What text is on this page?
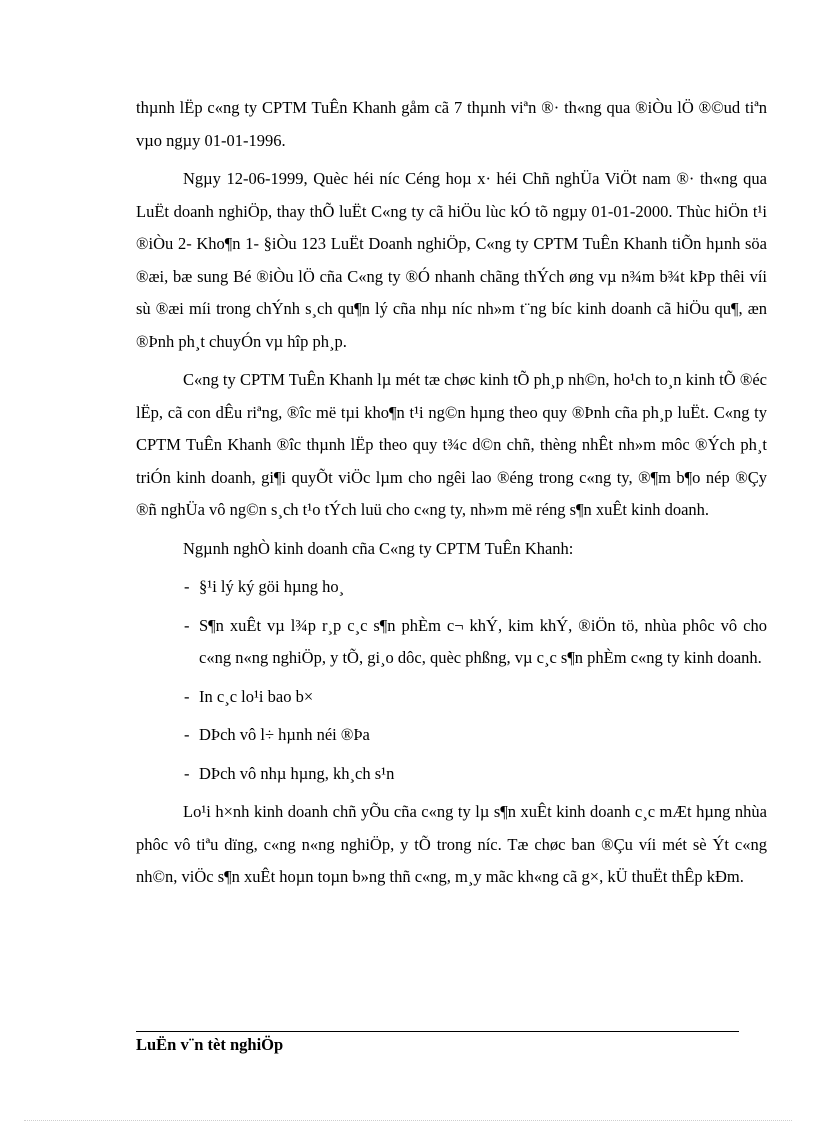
thµnh lËp c«ng ty CPTM TuÊn Khanh gåm cã 7 thµnh viªn ®· th«ng qua ®iÒu lÖ ®©ud tiªn vµo ngµy 01-01-1996.

Ngµy 12-06-1999, Quèc héi níc Céng hoµ x· héi Chñ nghÜa ViÖt nam ®· th«ng qua LuËt doanh nghiÖp, thay thÕ luËt C«ng ty cã hiÖu lùc kÓ tõ ngµy 01-01-2000. Thùc hiÖn t¹i ®iÒu 2- Kho¶n 1- §iÒu 123 LuËt Doanh nghiÖp, C«ng ty CPTM TuÊn Khanh tiÕn hµnh söa ®æi, bæ sung Bé ®iÒu lÖ cña C«ng ty ®Ó nhanh chãng thÝch øng vµ n¾m b¾t kÞp thêi víi sù ®æi míi trong chÝnh s¸ch qu¶n lý cña nhµ níc nh»m t¨ng bíc kinh doanh cã hiÖu qu¶, æn ®Þnh ph¸t chuyÓn vµ hîp ph¸p.

C«ng ty CPTM TuÊn Khanh lµ mét tæ chøc kinh tÕ ph¸p nh©n, ho¹ch to¸n kinh tÕ ®éc lËp, cã con dÊu riªng, ®îc më tµi kho¶n t¹i ng©n hµng theo quy ®Þnh cña ph¸p luËt. C«ng ty CPTM TuÊn Khanh ®îc thµnh lËp theo quy t¾c d©n chñ, thèng nhÊt nh»m môc ®Ých ph¸t triÓn kinh doanh, gi¶i quyÕt viÖc lµm cho ngêi lao ®éng trong c«ng ty, ®¶m b¶o nép ®Çy ®ñ nghÜa vô ng©n s¸ch t¹o tÝch luü cho c«ng ty, nh»m më réng s¶n xuÊt kinh doanh.

Ngµnh nghÒ kinh doanh cña C«ng ty CPTM TuÊn Khanh:

- §¹i lý ký göi hµng ho¸
- S¶n xuÊt vµ l¾p r¸p c¸c s¶n phÈm c¬ khÝ, kim khÝ, ®iÖn tö, nhùa phôc vô cho c«ng n«ng nghiÖp, y tÕ, gi¸o dôc, quèc phßng, vµ c¸c s¶n phÈm c«ng ty kinh doanh.
- In c¸c lo¹i bao b×
- DÞch vô l÷ hµnh néi ®Þa
- DÞch vô nhµ hµng, kh¸ch s¹n

Lo¹i h×nh kinh doanh chñ yÕu cña c«ng ty lµ s¶n xuÊt kinh doanh c¸c mÆt hµng nhùa phôc vô tiªu dïng, c«ng n«ng nghiÖp, y tÕ trong níc. Tæ chøc ban ®Çu víi mét sè Ýt c«ng nh©n, viÖc s¶n xuÊt hoµn toµn b»ng thñ c«ng, m¸y mãc kh«ng cã g×, kÜ thuËt thÊp kÐm.

LuËn v¨n tèt nghiÖp
